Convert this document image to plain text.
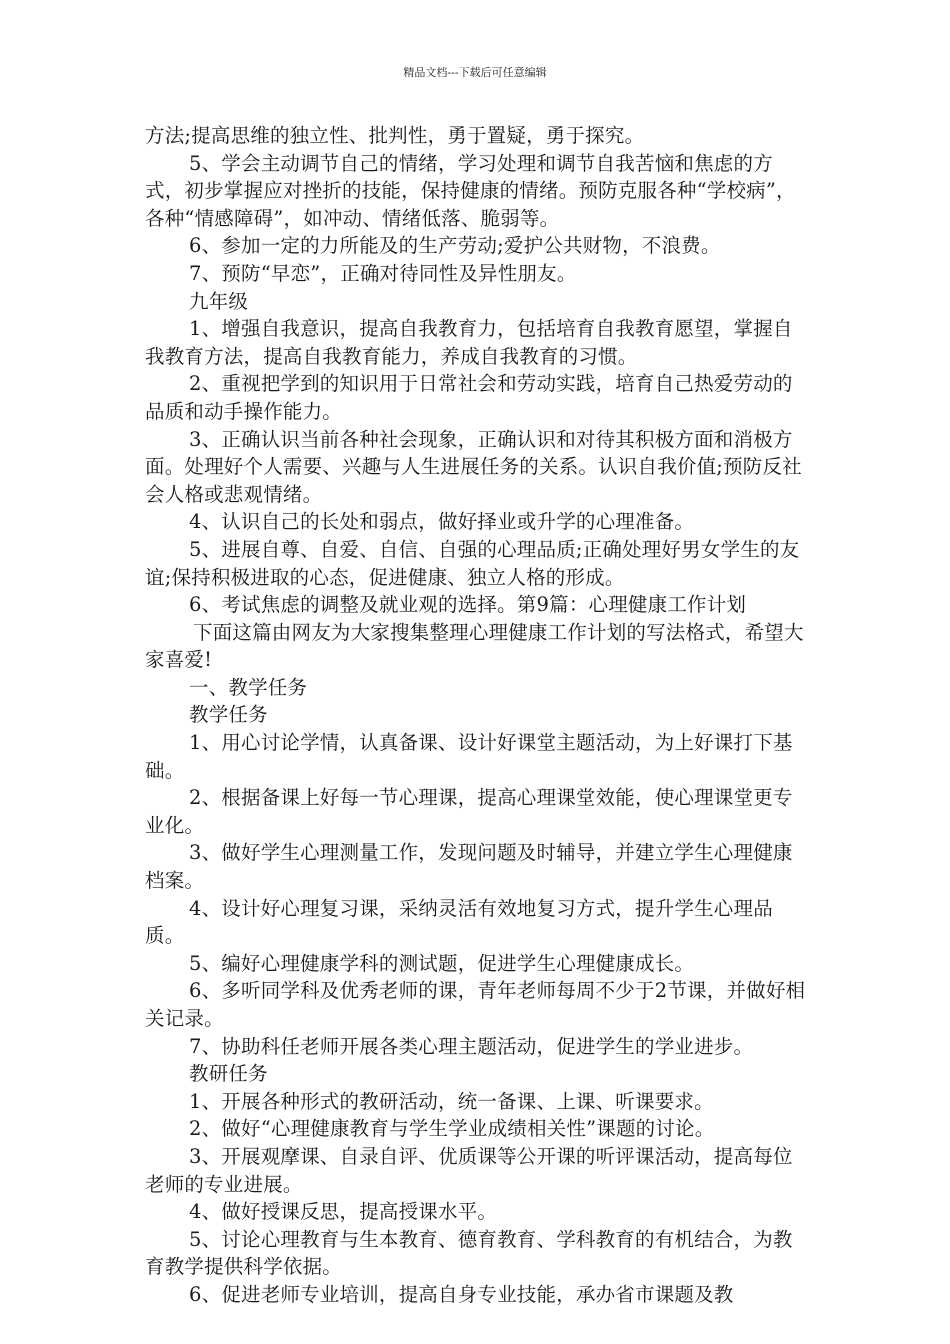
精品文档---下载后可任意编辑

方法;提高思维的独立性、批判性，勇于置疑，勇于探究。

5、学会主动调节自己的情绪，学习处理和调节自我苦恼和焦虑的方式，初步掌握应对挫折的技能，保持健康的情绪。预防克服各种“学校病”，各种“情感障碍”，如冲动、情绪低落、脆弱等。

6、参加一定的力所能及的生产劳动;爱护公共财物，不浪费。

7、预防“早恋”，正确对待同性及异性朋友。

九年级

1、增强自我意识，提高自我教育力，包括培育自我教育愿望，掌握自我教育方法，提高自我教育能力，养成自我教育的习惯。

2、重视把学到的知识用于日常社会和劳动实践，培育自己热爱劳动的品质和动手操作能力。

3、正确认识当前各种社会现象，正确认识和对待其积极方面和消极方面。处理好个人需要、兴趣与人生进展任务的关系。认识自我价值;预防反社会人格或悲观情绪。

4、认识自己的长处和弱点，做好择业或升学的心理准备。

5、进展自尊、自爱、自信、自强的心理品质;正确处理好男女学生的友谊;保持积极进取的心态，促进健康、独立人格的形成。

6、考试焦虑的调整及就业观的选择。第9篇：心理健康工作计划

下面这篇由网友为大家搜集整理心理健康工作计划的写法格式，希望大家喜爱!

一、教学任务

教学任务

1、用心讨论学情，认真备课、设计好课堂主题活动，为上好课打下基础。

2、根据备课上好每一节心理课，提高心理课堂效能，使心理课堂更专业化。

3、做好学生心理测量工作，发现问题及时辅导，并建立学生心理健康档案。

4、设计好心理复习课，采纳灵活有效地复习方式，提升学生心理品质。

5、编好心理健康学科的测试题，促进学生心理健康成长。

6、多听同学科及优秀老师的课，青年老师每周不少于2节课，并做好相关记录。

7、协助科任老师开展各类心理主题活动，促进学生的学业进步。

教研任务

1、开展各种形式的教研活动，统一备课、上课、听课要求。

2、做好“心理健康教育与学生学业成绩相关性”课题的讨论。

3、开展观摩课、自录自评、优质课等公开课的听评课活动，提高每位老师的专业进展。

4、做好授课反思，提高授课水平。

5、讨论心理教育与生本教育、德育教育、学科教育的有机结合，为教育教学提供科学依据。

6、促进老师专业培训，提高自身专业技能，承办省市课题及教
